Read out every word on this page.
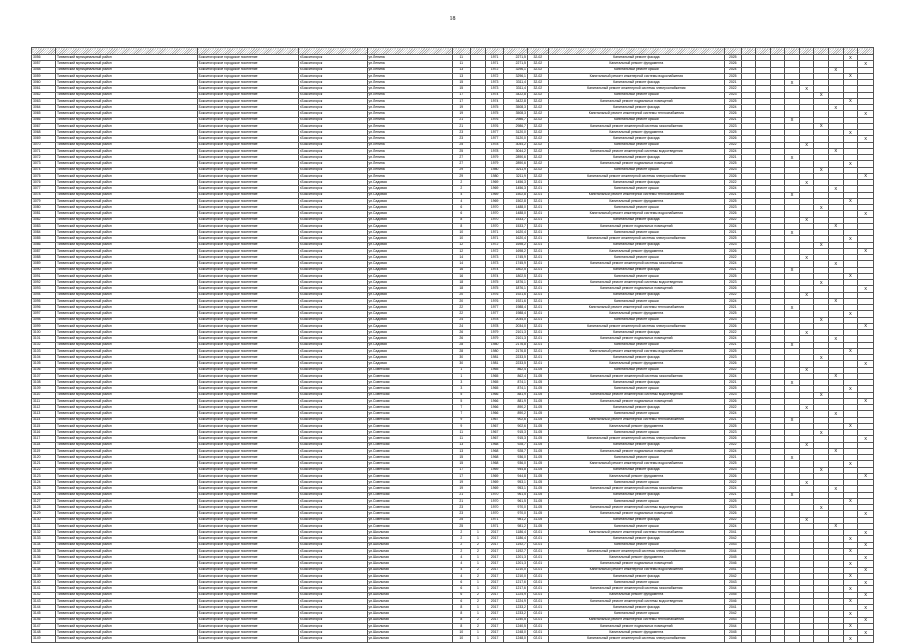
18

3056	Тихвинский муниципальный район	Бокситогорское городское поселение	г.Бокситогорск	ул.Ленина	11		1971	2271,5	32-02	Капитальный ремонт фасада	2025								X	
3057	Тихвинский муниципальный район	Бокситогорское городское поселение	г.Бокситогорск	ул.Ленина	11		1971	2271,5	32-02	Капитальный ремонт фундамента	2026									X
3058	Тихвинский муниципальный район	Бокситогорское городское поселение	г.Бокситогорск	ул.Ленина	13		1972	3296,1	32-02	Капитальный ремонт крыши	2024							X		
3059	Тихвинский муниципальный район	Бокситогорское городское поселение	г.Бокситогорск	ул.Ленина	13		1972	3296,1	32-02	Капитальный ремонт инженерной системы водоснабжения	2025								X	
3060	Тихвинский муниципальный район	Бокситогорское городское поселение	г.Бокситогорск	ул.Ленина	15		1973	3311,4	32-02	Капитальный ремонт фасада	2021				X					
3061	Тихвинский муниципальный район	Бокситогорское городское поселение	г.Бокситогорск	ул.Ленина	15		1973	3311,4	32-02	Капитальный ремонт инженерной системы электроснабжения	2022					X				
3062	Тихвинский муниципальный район	Бокситогорское городское поселение	г.Бокситогорск	ул.Ленина	17		1974	3422,8	32-02	Капитальный ремонт крыши	2023						X			
3063	Тихвинский муниципальный район	Бокситогорское городское поселение	г.Бокситогорск	ул.Ленина	17		1974	3422,8	32-02	Капитальный ремонт подвальных помещений	2025								X	
3064	Тихвинский муниципальный район	Бокситогорское городское поселение	г.Бокситогорск	ул.Ленина	19		1975	3508,3	32-02	Капитальный ремонт фасада	2024							X		
3065	Тихвинский муниципальный район	Бокситогорское городское поселение	г.Бокситогорск	ул.Ленина	19		1975	3508,3	32-02	Капитальный ремонт инженерной системы теплоснабжения	2026									X
3066	Тихвинский муниципальный район	Бокситогорское городское поселение	г.Бокситогорск	ул.Ленина	21		1976	2986,7	32-02	Капитальный ремонт крыши	2021				X					
3067	Тихвинский муниципальный район	Бокситогорское городское поселение	г.Бокситогорск	ул.Ленина	21		1976	2986,7	32-02	Капитальный ремонт инженерной системы газоснабжения	2023						X			
3068	Тихвинский муниципальный район	Бокситогорское городское поселение	г.Бокситогорск	ул.Ленина	23		1977	3120,0	32-02	Капитальный ремонт фундамента	2025								X	
3069	Тихвинский муниципальный район	Бокситогорское городское поселение	г.Бокситогорск	ул.Ленина	23		1977	3120,0	32-02	Капитальный ремонт фасада	2026									X
3070	Тихвинский муниципальный район	Бокситогорское городское поселение	г.Бокситогорск	ул.Ленина	25		1978	3044,2	32-02	Капитальный ремонт крыши	2022					X				
3071	Тихвинский муниципальный район	Бокситогорское городское поселение	г.Бокситогорск	ул.Ленина	25		1978	3044,2	32-02	Капитальный ремонт инженерной системы водоотведения	2024							X		
3072	Тихвинский муниципальный район	Бокситогорское городское поселение	г.Бокситогорск	ул.Ленина	27		1979	2890,6	32-02	Капитальный ремонт фасада	2021				X					
3073	Тихвинский муниципальный район	Бокситогорское городское поселение	г.Бокситогорск	ул.Ленина	27		1979	2890,6	32-02	Капитальный ремонт подвальных помещений	2025								X	
3074	Тихвинский муниципальный район	Бокситогорское городское поселение	г.Бокситогорск	ул.Ленина	29		1980	3211,9	32-02	Капитальный ремонт крыши	2023						X			
3075	Тихвинский муниципальный район	Бокситогорское городское поселение	г.Бокситогорск	ул.Ленина	29		1980	3211,9	32-02	Капитальный ремонт инженерной системы электроснабжения	2026									X
3076	Тихвинский муниципальный район	Бокситогорское городское поселение	г.Бокситогорск	ул.Садовая	2		1969	1456,3	32-01	Капитальный ремонт фасада	2022					X				
3077	Тихвинский муниципальный район	Бокситогорское городское поселение	г.Бокситогорск	ул.Садовая	2		1969	1456,3	32-01	Капитальный ремонт крыши	2024							X		
3078	Тихвинский муниципальный район	Бокситогорское городское поселение	г.Бокситогорск	ул.Садовая	4		1969	1502,8	32-01	Капитальный ремонт инженерной системы теплоснабжения	2021				X					
3079	Тихвинский муниципальный район	Бокситогорское городское поселение	г.Бокситогорск	ул.Садовая	4		1969	1502,8	32-01	Капитальный ремонт фундамента	2025								X	
3080	Тихвинский муниципальный район	Бокситогорское городское поселение	г.Бокситогорск	ул.Садовая	6		1970	1488,0	32-01	Капитальный ремонт крыши	2023						X			
3081	Тихвинский муниципальный район	Бокситогорское городское поселение	г.Бокситогорск	ул.Садовая	6		1970	1488,0	32-01	Капитальный ремонт инженерной системы водоснабжения	2026									X
3082	Тихвинский муниципальный район	Бокситогорское городское поселение	г.Бокситогорск	ул.Садовая	8		1970	1533,7	32-01	Капитальный ремонт фасада	2022					X				
3083	Тихвинский муниципальный район	Бокситогорское городское поселение	г.Бокситогорск	ул.Садовая	8		1970	1533,7	32-01	Капитальный ремонт подвальных помещений	2024							X		
3084	Тихвинский муниципальный район	Бокситогорское городское поселение	г.Бокситогорск	ул.Садовая	10		1971	1620,4	32-01	Капитальный ремонт крыши	2021				X					
3085	Тихвинский муниципальный район	Бокситогорское городское поселение	г.Бокситогорск	ул.Садовая	10		1971	1620,4	32-01	Капитальный ремонт инженерной системы электроснабжения	2025								X	
3086	Тихвинский муниципальный район	Бокситогорское городское поселение	г.Бокситогорск	ул.Садовая	12		1972	1698,2	32-01	Капитальный ремонт фасада	2023						X			
3087	Тихвинский муниципальный район	Бокситогорское городское поселение	г.Бокситогорск	ул.Садовая	12		1972	1698,2	32-01	Капитальный ремонт фундамента	2026									X
3088	Тихвинский муниципальный район	Бокситогорское городское поселение	г.Бокситогорск	ул.Садовая	14		1973	1745,9	32-01	Капитальный ремонт крыши	2022					X				
3089	Тихвинский муниципальный район	Бокситогорское городское поселение	г.Бокситогорск	ул.Садовая	14		1973	1745,9	32-01	Капитальный ремонт инженерной системы газоснабжения	2024							X		
3090	Тихвинский муниципальный район	Бокситогорское городское поселение	г.Бокситогорск	ул.Садовая	16		1974	1802,5	32-01	Капитальный ремонт фасада	2021				X					
3091	Тихвинский муниципальный район	Бокситогорское городское поселение	г.Бокситогорск	ул.Садовая	16		1974	1802,5	32-01	Капитальный ремонт крыши	2025								X	
3092	Тихвинский муниципальный район	Бокситогорское городское поселение	г.Бокситогорск	ул.Садовая	18		1975	1876,1	32-01	Капитальный ремонт инженерной системы водоотведения	2023						X			
3093	Тихвинский муниципальный район	Бокситогорское городское поселение	г.Бокситогорск	ул.Садовая	18		1975	1876,1	32-01	Капитальный ремонт подвальных помещений	2026									X
3094	Тихвинский муниципальный район	Бокситогорское городское поселение	г.Бокситогорск	ул.Садовая	20		1976	1921,6	32-01	Капитальный ремонт фасада	2022					X				
3095	Тихвинский муниципальный район	Бокситогорское городское поселение	г.Бокситогорск	ул.Садовая	20		1976	1921,6	32-01	Капитальный ремонт крыши	2024							X		
3096	Тихвинский муниципальный район	Бокситогорское городское поселение	г.Бокситогорск	ул.Садовая	22		1977	1988,4	32-01	Капитальный ремонт инженерной системы теплоснабжения	2021				X					
3097	Тихвинский муниципальный район	Бокситогорское городское поселение	г.Бокситогорск	ул.Садовая	22		1977	1988,4	32-01	Капитальный ремонт фундамента	2025								X	
3098	Тихвинский муниципальный район	Бокситогорское городское поселение	г.Бокситогорск	ул.Садовая	24		1978	2034,0	32-01	Капитальный ремонт крыши	2023						X			
3099	Тихвинский муниципальный район	Бокситогорское городское поселение	г.Бокситогорск	ул.Садовая	24		1978	2034,0	32-01	Капитальный ремонт инженерной системы электроснабжения	2026									X
3100	Тихвинский муниципальный район	Бокситогорское городское поселение	г.Бокситогорск	ул.Садовая	26		1979	2101,3	32-01	Капитальный ремонт фасада	2022					X				
3101	Тихвинский муниципальный район	Бокситогорское городское поселение	г.Бокситогорск	ул.Садовая	26		1979	2101,3	32-01	Капитальный ремонт подвальных помещений	2024							X		
3102	Тихвинский муниципальный район	Бокситогорское городское поселение	г.Бокситогорск	ул.Садовая	28		1980	2176,8	32-01	Капитальный ремонт крыши	2021				X					
3103	Тихвинский муниципальный район	Бокситогорское городское поселение	г.Бокситогорск	ул.Садовая	28		1980	2176,8	32-01	Капитальный ремонт инженерной системы водоснабжения	2025								X	
3104	Тихвинский муниципальный район	Бокситогорское городское поселение	г.Бокситогорск	ул.Садовая	30		1981	2233,5	32-01	Капитальный ремонт фасада	2023						X			
3105	Тихвинский муниципальный район	Бокситогорское городское поселение	г.Бокситогорск	ул.Садовая	30		1981	2233,5	32-01	Капитальный ремонт фундамента	2026									X
3106	Тихвинский муниципальный район	Бокситогорское городское поселение	г.Бокситогорск	ул.Советская	1		1965	862,4	31-05	Капитальный ремонт крыши	2022					X				
3107	Тихвинский муниципальный район	Бокситогорское городское поселение	г.Бокситогорск	ул.Советская	1		1965	862,4	31-05	Капитальный ремонт инженерной системы газоснабжения	2024							X		
3108	Тихвинский муниципальный район	Бокситогорское городское поселение	г.Бокситогорск	ул.Советская	3		1965	874,1	31-05	Капитальный ремонт фасада	2021				X					
3109	Тихвинский муниципальный район	Бокситогорское городское поселение	г.Бокситогорск	ул.Советская	3		1965	874,1	31-05	Капитальный ремонт крыши	2025								X	
3110	Тихвинский муниципальный район	Бокситогорское городское поселение	г.Бокситогорск	ул.Советская	5		1966	881,9	31-05	Капитальный ремонт инженерной системы водоотведения	2023						X			
3111	Тихвинский муниципальный район	Бокситогорское городское поселение	г.Бокситогорск	ул.Советская	5		1966	881,9	31-05	Капитальный ремонт подвальных помещений	2026									X
3112	Тихвинский муниципальный район	Бокситогорское городское поселение	г.Бокситогорск	ул.Советская	7		1966	890,2	31-05	Капитальный ремонт фасада	2022					X				
3113	Тихвинский муниципальный район	Бокситогорское городское поселение	г.Бокситогорск	ул.Советская	7		1966	890,2	31-05	Капитальный ремонт крыши	2024							X		
3114	Тихвинский муниципальный район	Бокситогорское городское поселение	г.Бокситогорск	ул.Советская	9		1967	902,6	31-05	Капитальный ремонт инженерной системы теплоснабжения	2021				X					
3115	Тихвинский муниципальный район	Бокситогорское городское поселение	г.Бокситогорск	ул.Советская	9		1967	902,6	31-05	Капитальный ремонт фундамента	2025								X	
3116	Тихвинский муниципальный район	Бокситогорское городское поселение	г.Бокситогорск	ул.Советская	11		1967	915,3	31-05	Капитальный ремонт крыши	2023						X			
3117	Тихвинский муниципальный район	Бокситогорское городское поселение	г.Бокситогорск	ул.Советская	11		1967	915,3	31-05	Капитальный ремонт инженерной системы электроснабжения	2026									X
3118	Тихвинский муниципальный район	Бокситогорское городское поселение	г.Бокситогорск	ул.Советская	13		1968	928,7	31-05	Капитальный ремонт фасада	2022					X				
3119	Тихвинский муниципальный район	Бокситогорское городское поселение	г.Бокситогорск	ул.Советская	13		1968	928,7	31-05	Капитальный ремонт подвальных помещений	2024							X		
3120	Тихвинский муниципальный район	Бокситогорское городское поселение	г.Бокситогорск	ул.Советская	15		1968	936,0	31-05	Капитальный ремонт крыши	2021				X					
3121	Тихвинский муниципальный район	Бокситогорское городское поселение	г.Бокситогорск	ул.Советская	15		1968	936,0	31-05	Капитальный ремонт инженерной системы водоснабжения	2025								X	
3122	Тихвинский муниципальный район	Бокситогорское городское поселение	г.Бокситогорск	ул.Советская	17		1969	944,8	31-05	Капитальный ремонт фасада	2023						X			
3123	Тихвинский муниципальный район	Бокситогорское городское поселение	г.Бокситогорск	ул.Советская	17		1969	944,8	31-05	Капитальный ремонт фундамента	2026									X
3124	Тихвинский муниципальный район	Бокситогорское городское поселение	г.Бокситогорск	ул.Советская	19		1969	953,1	31-05	Капитальный ремонт крыши	2022					X				
3125	Тихвинский муниципальный район	Бокситогорское городское поселение	г.Бокситогорск	ул.Советская	19		1969	953,1	31-05	Капитальный ремонт инженерной системы газоснабжения	2024							X		
3126	Тихвинский муниципальный район	Бокситогорское городское поселение	г.Бокситогорск	ул.Советская	21		1970	961,5	31-05	Капитальный ремонт фасада	2021				X					
3127	Тихвинский муниципальный район	Бокситогорское городское поселение	г.Бокситогорск	ул.Советская	21		1970	961,5	31-05	Капитальный ремонт крыши	2025								X	
3128	Тихвинский муниципальный район	Бокситогорское городское поселение	г.Бокситогорск	ул.Советская	23		1970	970,0	31-05	Капитальный ремонт инженерной системы водоотведения	2023						X			
3129	Тихвинский муниципальный район	Бокситогорское городское поселение	г.Бокситогорск	ул.Советская	23		1970	970,0	31-05	Капитальный ремонт подвальных помещений	2026									X
3130	Тихвинский муниципальный район	Бокситогорское городское поселение	г.Бокситогорск	ул.Советская	25		1971	981,2	31-05	Капитальный ремонт фасада	2022					X				
3131	Тихвинский муниципальный район	Бокситогорское городское поселение	г.Бокситогорск	ул.Советская	25		1971	981,2	31-05	Капитальный ремонт крыши	2024							X		
3132	Тихвинский муниципальный район	Бокситогорское городское поселение	г.Бокситогорск	ул.Школьная	2	1	2017	1186,4	02-01	Капитальный ремонт инженерной системы теплоснабжения	2041									X
3133	Тихвинский муниципальный район	Бокситогорское городское поселение	г.Бокситогорск	ул.Школьная	2	1	2017	1186,4	02-01	Капитальный ремонт фасада	2042								X	
3134	Тихвинский муниципальный район	Бокситогорское городское поселение	г.Бокситогорск	ул.Школьная	2	2	2017	1192,7	02-01	Капитальный ремонт крыши	2043									X
3135	Тихвинский муниципальный район	Бокситогорское городское поселение	г.Бокситогорск	ул.Школьная	2	2	2017	1192,7	02-01	Капитальный ремонт инженерной системы электроснабжения	2044								X	
3136	Тихвинский муниципальный район	Бокситогорское городское поселение	г.Бокситогорск	ул.Школьная	4	1	2017	1201,3	02-01	Капитальный ремонт фундамента	2045									X
3137	Тихвинский муниципальный район	Бокситогорское городское поселение	г.Бокситогорск	ул.Школьная	4	1	2017	1201,3	02-01	Капитальный ремонт подвальных помещений	2046								X	
3138	Тихвинский муниципальный район	Бокситогорское городское поселение	г.Бокситогорск	ул.Школьная	4	2	2017	1210,0	02-01	Капитальный ремонт инженерной системы водоснабжения	2041									X
3139	Тихвинский муниципальный район	Бокситогорское городское поселение	г.Бокситогорск	ул.Школьная	4	2	2017	1210,0	02-01	Капитальный ремонт фасада	2042								X	
3140	Тихвинский муниципальный район	Бокситогорское городское поселение	г.Бокситогорск	ул.Школьная	6	1	2017	1217,6	02-01	Капитальный ремонт крыши	2043									X
3141	Тихвинский муниципальный район	Бокситогорское городское поселение	г.Бокситогорск	ул.Школьная	6	1	2017	1217,6	02-01	Капитальный ремонт инженерной системы газоснабжения	2044								X	
3142	Тихвинский муниципальный район	Бокситогорское городское поселение	г.Бокситогорск	ул.Школьная	6	2	2017	1224,9	02-01	Капитальный ремонт фундамента	2045									X
3143	Тихвинский муниципальный район	Бокситогорское городское поселение	г.Бокситогорск	ул.Школьная	6	2	2017	1224,9	02-01	Капитальный ремонт инженерной системы водоотведения	2046								X	
3144	Тихвинский муниципальный район	Бокситогорское городское поселение	г.Бокситогорск	ул.Школьная	8	1	2017	1233,2	02-01	Капитальный ремонт фасада	2041									X
3145	Тихвинский муниципальный район	Бокситогорское городское поселение	г.Бокситогорск	ул.Школьная	8	1	2017	1233,2	02-01	Капитальный ремонт крыши	2042								X	
3146	Тихвинский муниципальный район	Бокситогорское городское поселение	г.Бокситогорск	ул.Школьная	8	2	2017	1240,5	02-01	Капитальный ремонт инженерной системы теплоснабжения	2043									X
3147	Тихвинский муниципальный район	Бокситогорское городское поселение	г.Бокситогорск	ул.Школьная	8	2	2017	1240,5	02-01	Капитальный ремонт подвальных помещений	2044								X	
3148	Тихвинский муниципальный район	Бокситогорское городское поселение	г.Бокситогорск	ул.Школьная	10	1	2017	1248,0	02-01	Капитальный ремонт фундамента	2045									X
3149	Тихвинский муниципальный район	Бокситогорское городское поселение	г.Бокситогорск	ул.Школьная	10	1	2017	1248,0	02-01	Капитальный ремонт инженерной системы электроснабжения	2046								X	
